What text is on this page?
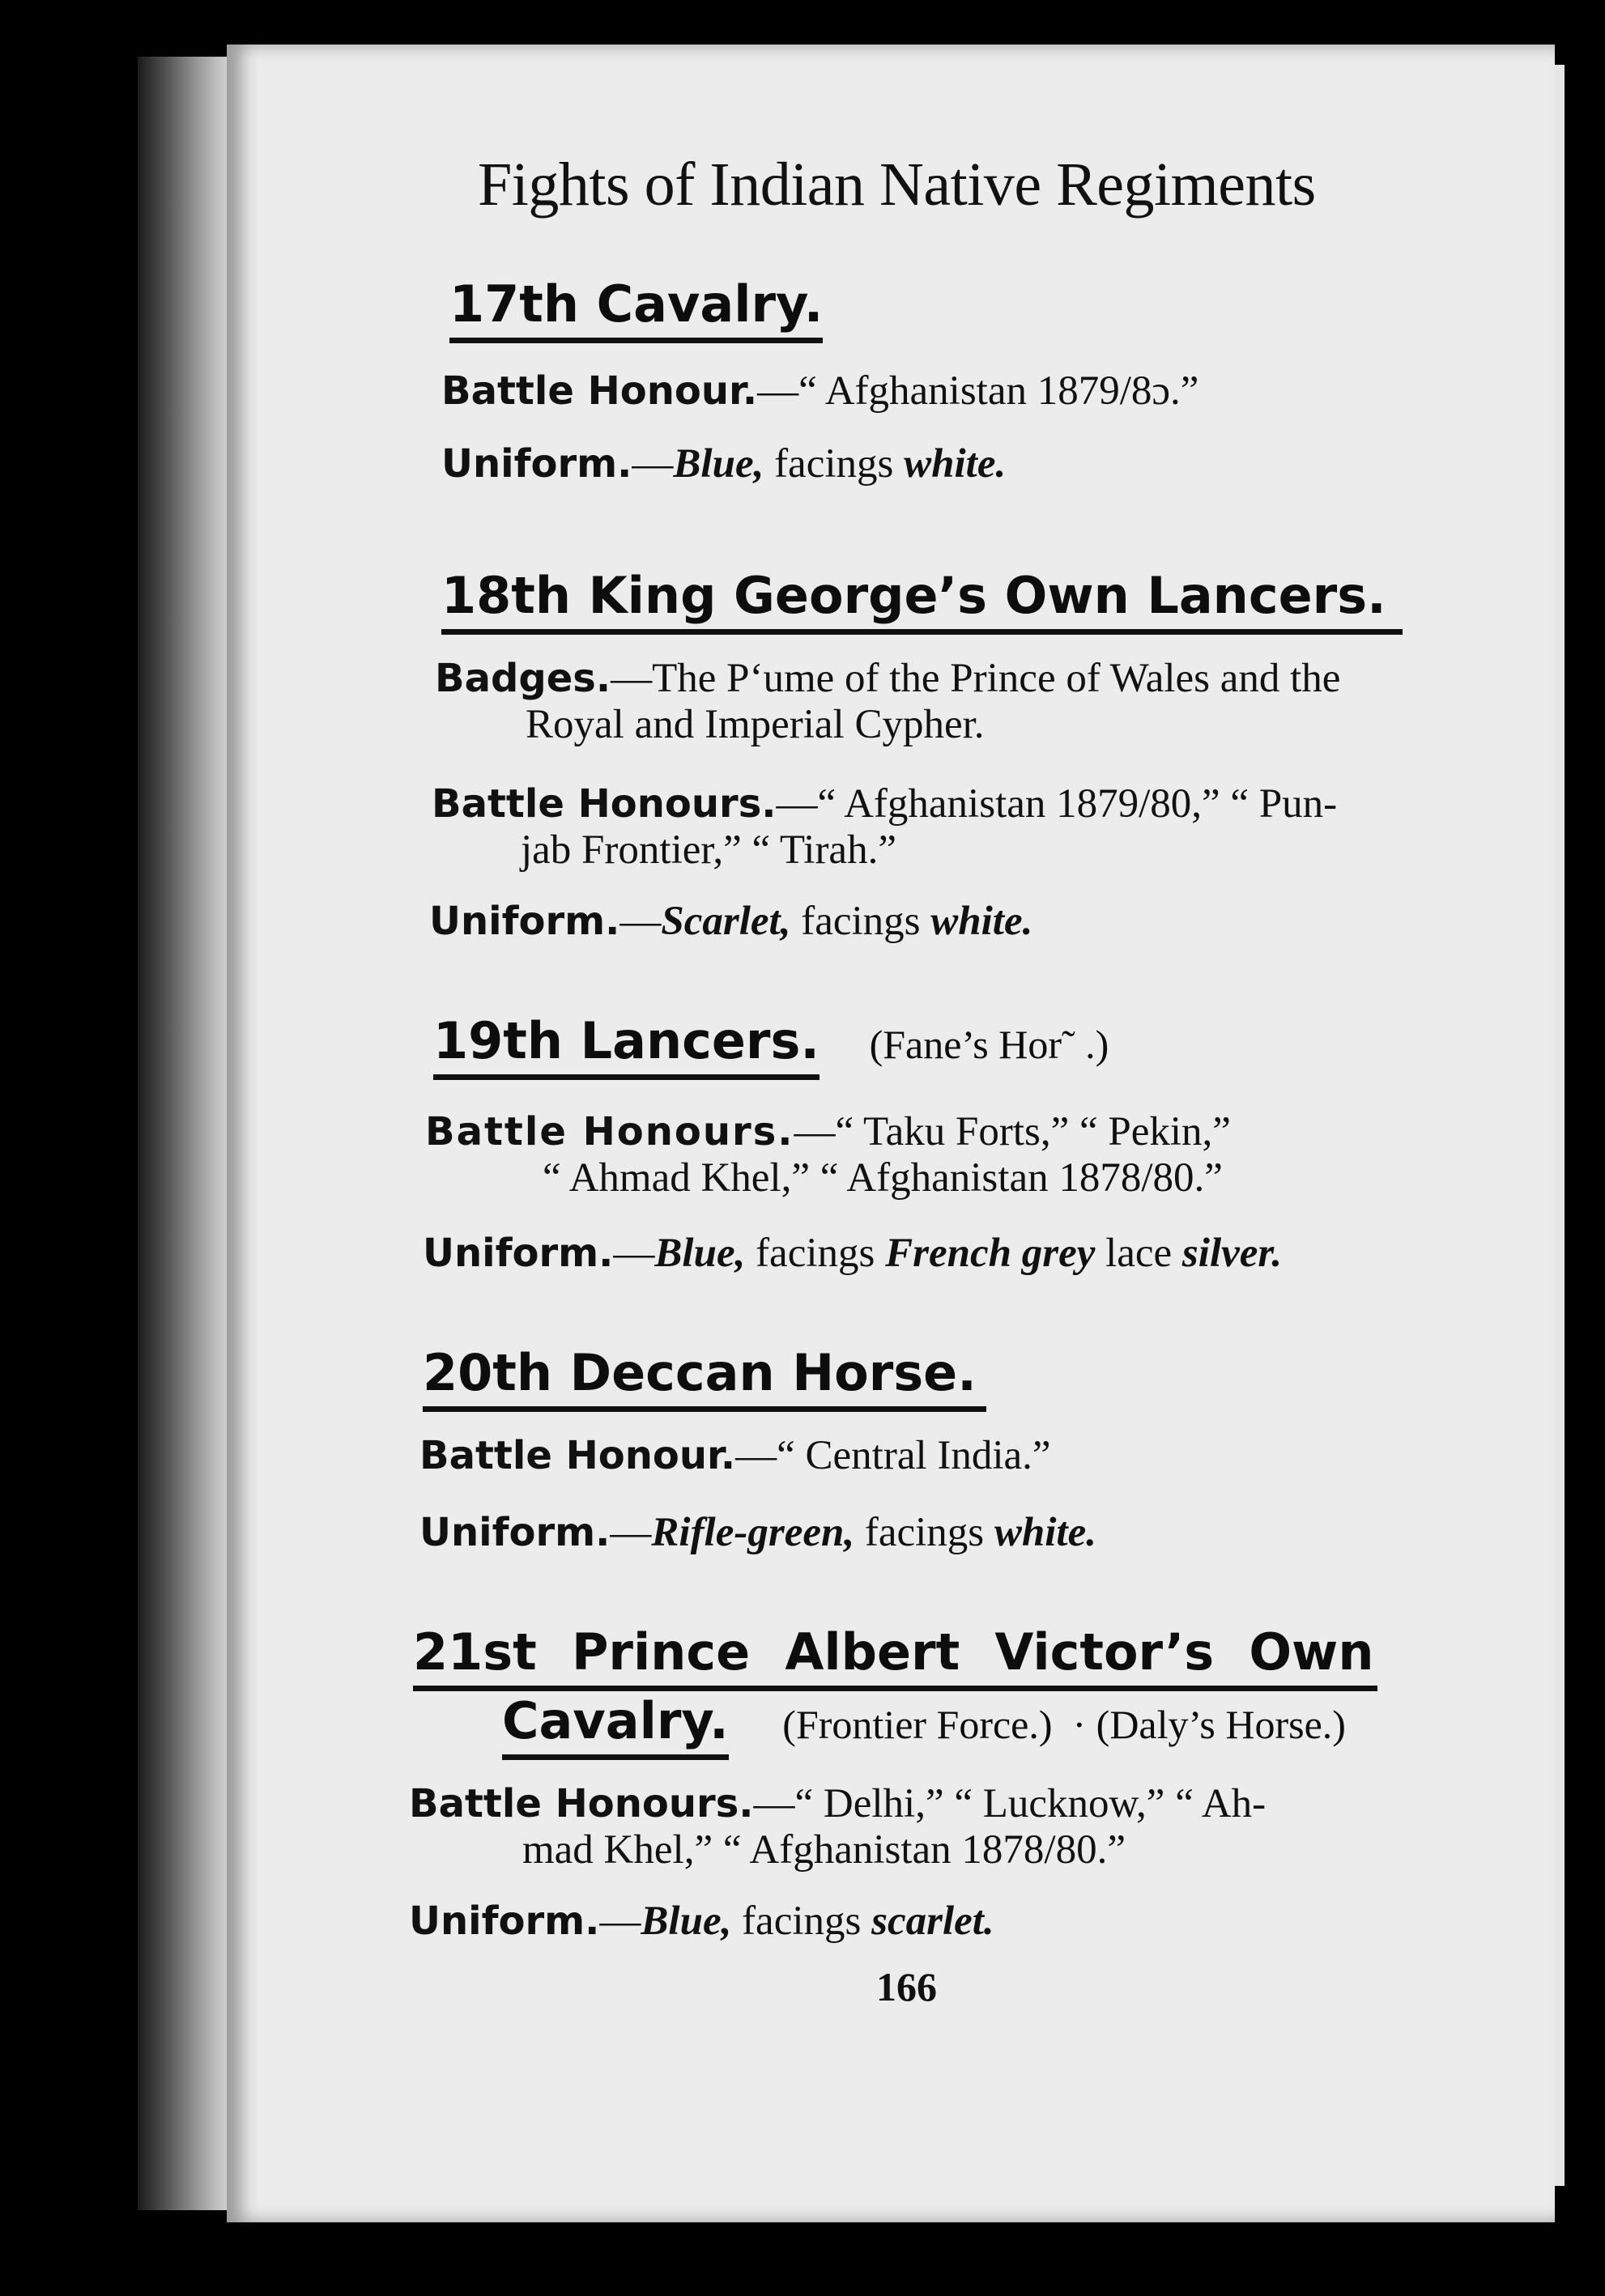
Fights of Indian Native Regiments
17th Cavalry.
Battle Honour.—“ Afghanistan 1879/8ɔ.”
Uniform.—Blue, facings white.
18th King George’s Own Lancers.
Badges.—The P‘ume of the Prince of Wales and the
Royal and Imperial Cypher.
Battle Honours.—“ Afghanistan 1879/80,” “ Pun-
jab Frontier,” “ Tirah.”
Uniform.—Scarlet, facings white.
19th Lancers. (Fane’s Hor˜ .)
Battle Honours.—“ Taku Forts,” “ Pekin,”
“ Ahmad Khel,” “ Afghanistan 1878/80.”
Uniform.—Blue, facings French grey lace silver.
20th Deccan Horse.
Battle Honour.—“ Central India.”
Uniform.—Rifle-green, facings white.
21st  Prince  Albert  Victor’s  Own
Cavalry. (Frontier Force.)  · (Daly’s Horse.)
Battle Honours.—“ Delhi,” “ Lucknow,” “ Ah-
mad Khel,” “ Afghanistan 1878/80.”
Uniform.—Blue, facings scarlet.
166
